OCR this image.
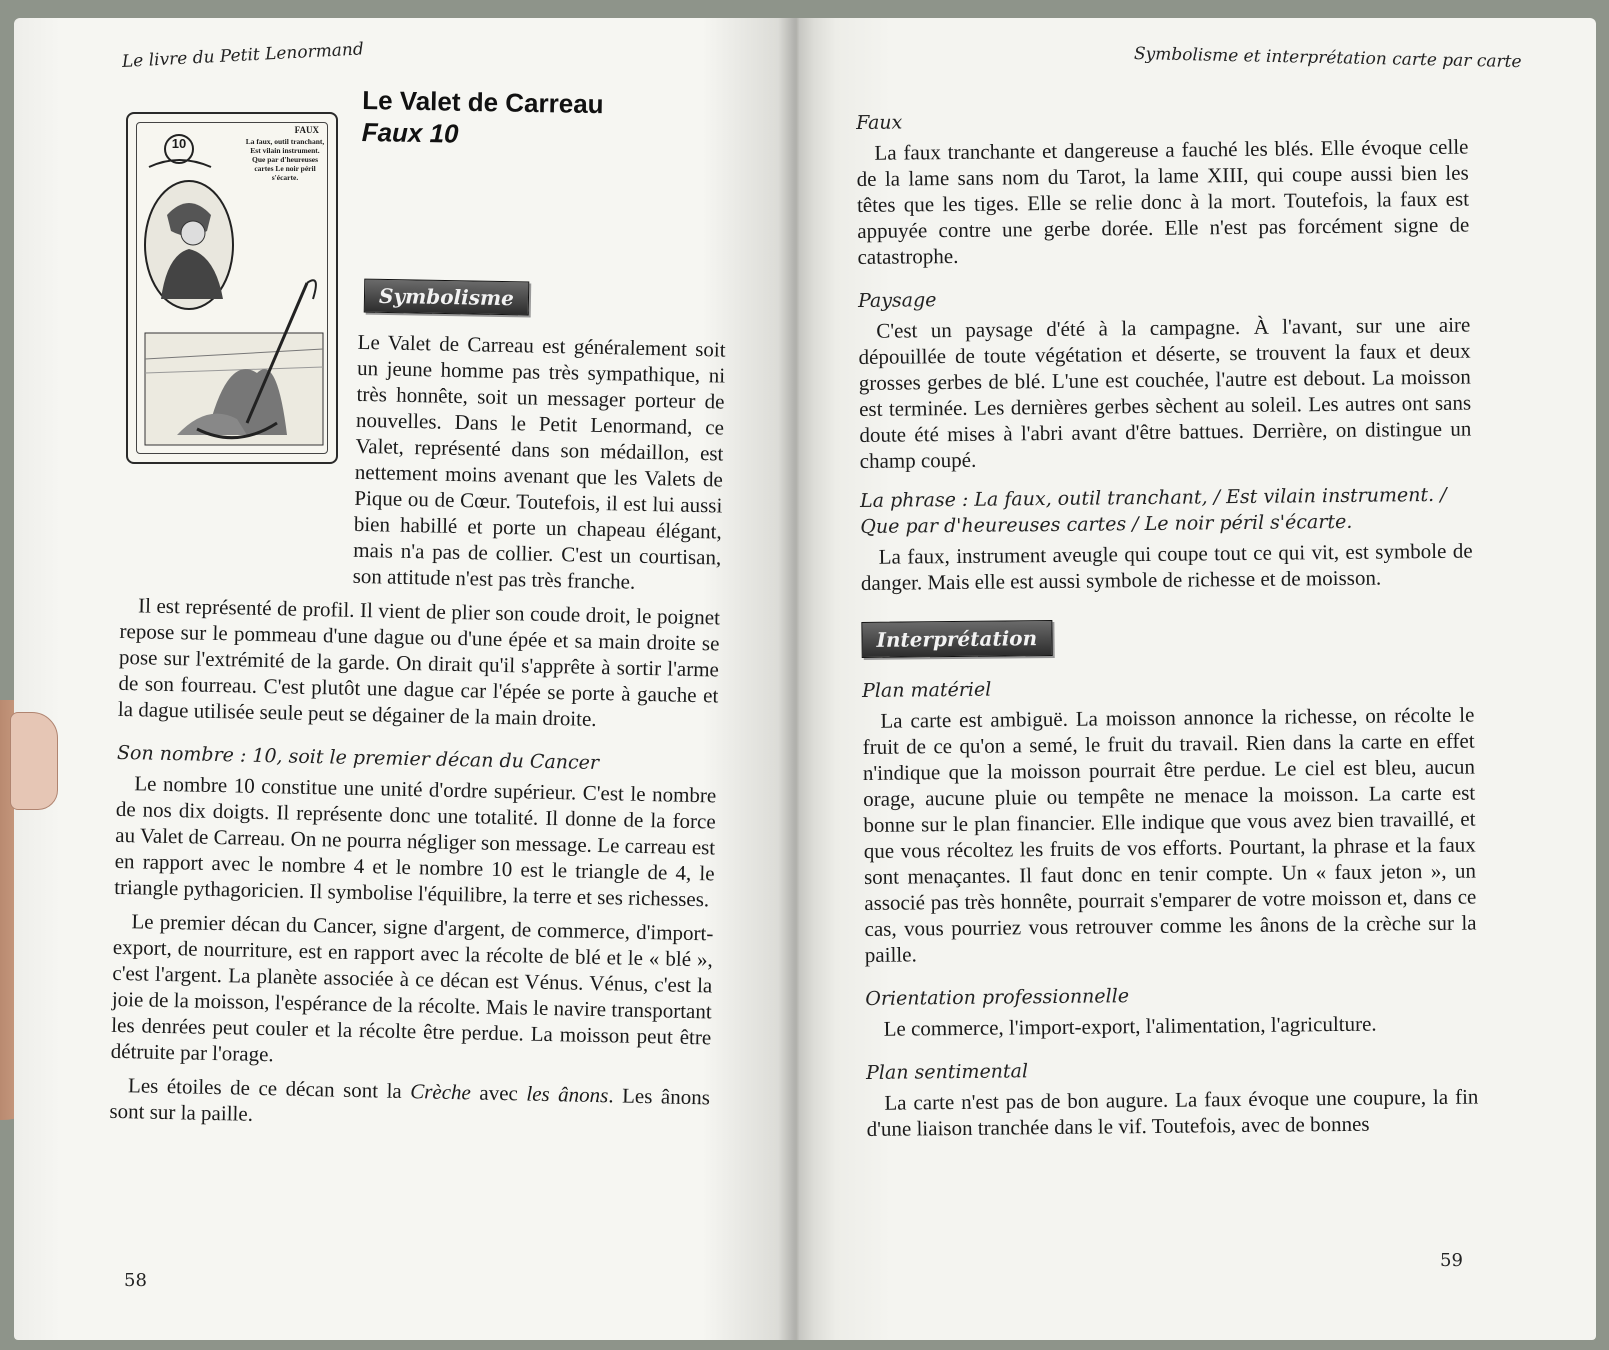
Le livre du Petit Lenormand
10
FAUX
La faux, outil tranchant, Est vilain instrument. Que par d'heureuses cartes Le noir péril s'écarte.
Le Valet de Carreau
Faux 10
Symbolisme

Le Valet de Carreau est généralement soit un jeune homme pas très sympathique, ni très honnête, soit un messager porteur de nouvelles. Dans le Petit Lenormand, ce Valet, représenté dans son médaillon, est nettement moins avenant que les Valets de Pique ou de Cœur. Toutefois, il est lui aussi bien habillé et porte un chapeau élégant, mais n'a pas de collier. C'est un courtisan, son attitude n'est pas très franche.

Il est représenté de profil. Il vient de plier son coude droit, le poignet repose sur le pommeau d'une dague ou d'une épée et sa main droite se pose sur l'extrémité de la garde. On dirait qu'il s'apprête à sortir l'arme de son fourreau. C'est plutôt une dague car l'épée se porte à gauche et la dague utilisée seule peut se dégainer de la main droite.

Son nombre : 10, soit le premier décan du Cancer

Le nombre 10 constitue une unité d'ordre supérieur. C'est le nombre de nos dix doigts. Il représente donc une totalité. Il donne de la force au Valet de Carreau. On ne pourra négliger son message. Le carreau est en rapport avec le nombre 4 et le nombre 10 est le triangle de 4, le triangle pythagoricien. Il symbolise l'équilibre, la terre et ses richesses.

Le premier décan du Cancer, signe d'argent, de commerce, d'import-export, de nourriture, est en rapport avec la récolte de blé et le « blé », c'est l'argent. La planète associée à ce décan est Vénus. Vénus, c'est la joie de la moisson, l'espérance de la récolte. Mais le navire transportant les denrées peut couler et la récolte être perdue. La moisson peut être détruite par l'orage.

Les étoiles de ce décan sont la Crèche avec les ânons. Les ânons sont sur la paille.

58
Symbolisme et interprétation carte par carte
Faux

La faux tranchante et dangereuse a fauché les blés. Elle évoque celle de la lame sans nom du Tarot, la lame XIII, qui coupe aussi bien les têtes que les tiges. Elle se relie donc à la mort. Toutefois, la faux est appuyée contre une gerbe dorée. Elle n'est pas forcément signe de catastrophe.

Paysage

C'est un paysage d'été à la campagne. À l'avant, sur une aire dépouillée de toute végétation et déserte, se trouvent la faux et deux grosses gerbes de blé. L'une est couchée, l'autre est debout. La moisson est terminée. Les dernières gerbes sèchent au soleil. Les autres ont sans doute été mises à l'abri avant d'être battues. Derrière, on distingue un champ coupé.

La phrase : La faux, outil tranchant, / Est vilain instrument. / Que par d'heureuses cartes / Le noir péril s'écarte.

La faux, instrument aveugle qui coupe tout ce qui vit, est symbole de danger. Mais elle est aussi symbole de richesse et de moisson.

Interprétation
Plan matériel

La carte est ambiguë. La moisson annonce la richesse, on récolte le fruit de ce qu'on a semé, le fruit du travail. Rien dans la carte en effet n'indique que la moisson pourrait être perdue. Le ciel est bleu, aucun orage, aucune pluie ou tempête ne menace la moisson. La carte est bonne sur le plan financier. Elle indique que vous avez bien travaillé, et que vous récoltez les fruits de vos efforts. Pourtant, la phrase et la faux sont menaçantes. Il faut donc en tenir compte. Un « faux jeton », un associé pas très honnête, pourrait s'emparer de votre moisson et, dans ce cas, vous pourriez vous retrouver comme les ânons de la crèche sur la paille.

Orientation professionnelle

Le commerce, l'import-export, l'alimentation, l'agriculture.

Plan sentimental

La carte n'est pas de bon augure. La faux évoque une coupure, la fin d'une liaison tranchée dans le vif. Toutefois, avec de bonnes

59
